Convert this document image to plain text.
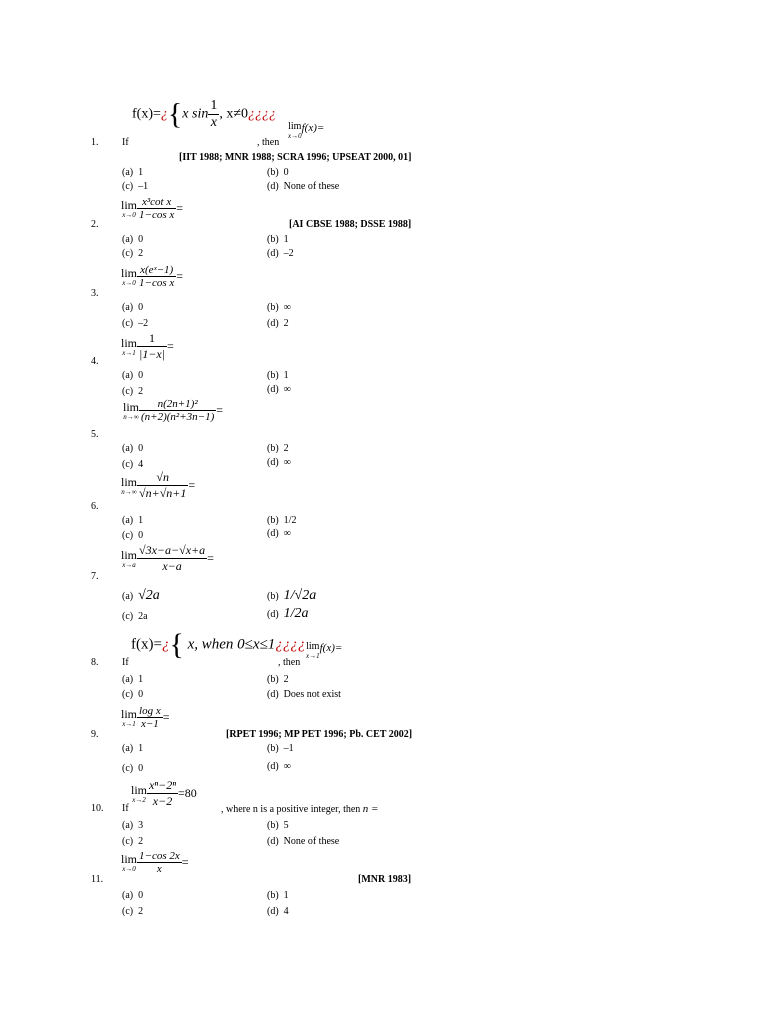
1. If
f(x)=¿{x $\sin \frac{1}{x}$ , x≠0¿¿¿¿
, then
lim
x→0
$^{f(x)=}$
[IIT 1988; MNR 1988; SCRA 1996; UPSEAT 2000, 01]
(a) 1	(b) 0
(c) –1	(d) None of these
2.
lim
$x\to 0 \frac{\text{x³cot x}}{\text{1−cos x}}$ =
[AI CBSE 1988; DSSE 1988]
(a) 0	(b) 1
(c) 2	(d) –2
3.
lim
$x\to 0 \frac{\text{x(eˣ−1)}}{\text{1−cos x}}$ =
(a) 0	(b) ∞
(c) –2	(d) 2
4.
lim
$x\to 1 \frac{1}{|1-x|}$ =
(a) 0	(b) 1
(c) 2	(d) ∞
5.
lim
$n\to\infty \frac{\text{n(2n+1)²}}{\text{(n+2)(n²+3n−1)}}$ =
(a) 0	(b) 2
(c) 4	(d) ∞
6.
lim
$n\to\infty \frac{√n}{√n+√n+1}$ =
(a) 1	(b) 1/2
(c) 0	(d) ∞
7.
lim
$x\to a \frac{√3x-a-√x+a}{x-a}$ =
(a) √2a	(b) 1/√2a
(c) 2a	(d) 1/2a
8. If
f(x)=¿{ x, when 0≤x≤1¿¿¿¿
, then
lim
x→1
$^{f(x)=}$
(a) 1	(b) 2
(c) 0	(d) Does not exist
9.
lim
$x\to 1 \frac{\text{log x}}{x-1}$ =
[RPET 1996; MP PET 1996; Pb. CET 2002]
(a) 1	(b) –1
(c) 0	(d) ∞
10. If
lim
$x\to 2 \frac{\text{xⁿ−2ⁿ}}{x-2} =80$
, where n is a positive integer, then n =
(a) 3	(b) 5
(c) 2	(d) None of these
11.
lim
$x\to 0 \frac{1-\cos 2x}{x}$ =
[MNR 1983]
(a) 0	(b) 1
(c) 2	(d) 4
